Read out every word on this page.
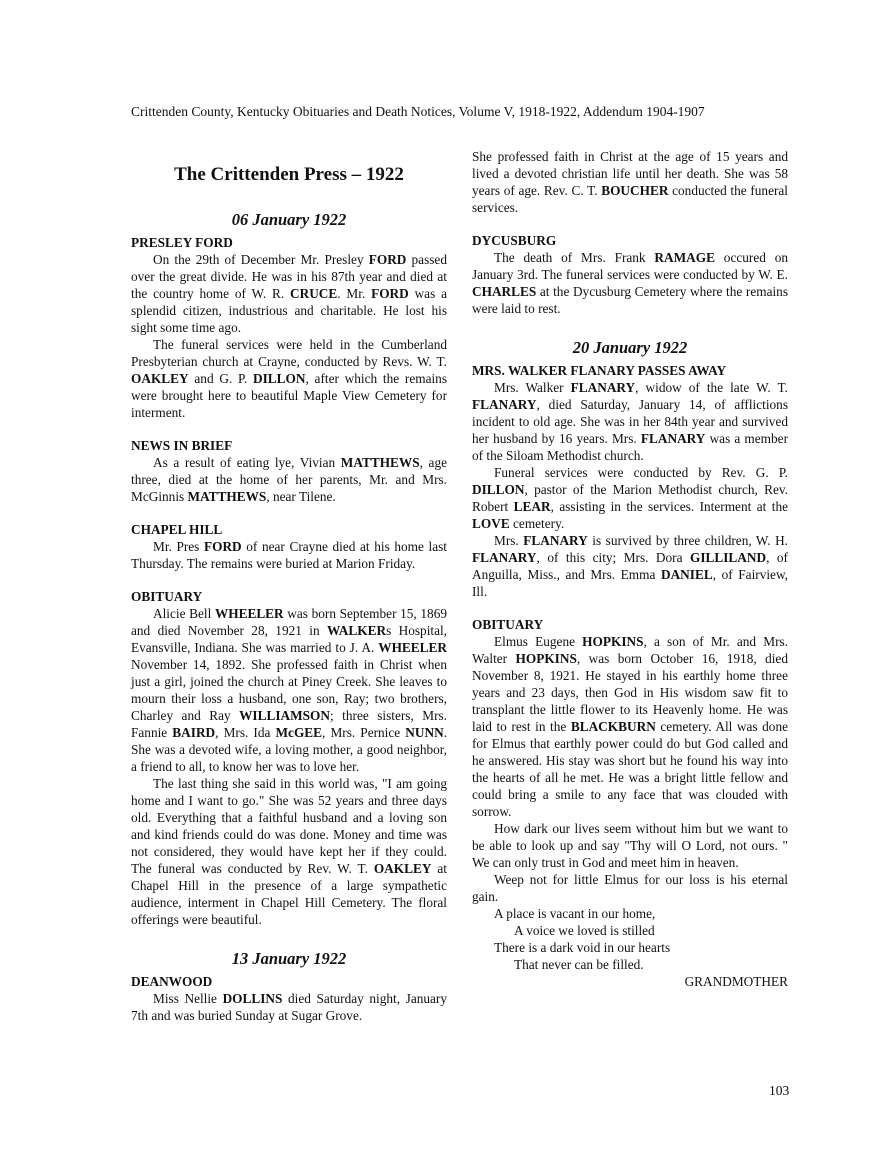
Crittenden County, Kentucky Obituaries and Death Notices, Volume V, 1918-1922, Addendum 1904-1907
The Crittenden Press – 1922
06 January 1922
PRESLEY FORD

On the 29th of December Mr. Presley FORD passed over the great divide. He was in his 87th year and died at the country home of W. R. CRUCE. Mr. FORD was a splendid citizen, industrious and charitable. He lost his sight some time ago.

The funeral services were held in the Cumberland Presbyterian church at Crayne, conducted by Revs. W. T. OAKLEY and G. P. DILLON, after which the remains were brought here to beautiful Maple View Cemetery for interment.

NEWS IN BRIEF

As a result of eating lye, Vivian MATTHEWS, age three, died at the home of her parents, Mr. and Mrs. McGinnis MATTHEWS, near Tilene.

CHAPEL HILL

Mr. Pres FORD of near Crayne died at his home last Thursday. The remains were buried at Marion Friday.

OBITUARY

Alicie Bell WHEELER was born September 15, 1869 and died November 28, 1921 in WALKERs Hospital, Evansville, Indiana. She was married to J. A. WHEELER November 14, 1892. She professed faith in Christ when just a girl, joined the church at Piney Creek. She leaves to mourn their loss a husband, one son, Ray; two brothers, Charley and Ray WILLIAMSON; three sisters, Mrs. Fannie BAIRD, Mrs. Ida McGEE, Mrs. Pernice NUNN. She was a devoted wife, a loving mother, a good neighbor, a friend to all, to know her was to love her.

The last thing she said in this world was, "I am going home and I want to go." She was 52 years and three days old. Everything that a faithful husband and a loving son and kind friends could do was done. Money and time was not considered, they would have kept her if they could. The funeral was conducted by Rev. W. T. OAKLEY at Chapel Hill in the presence of a large sympathetic audience, interment in Chapel Hill Cemetery. The floral offerings were beautiful.

13 January 1922
DEANWOOD

Miss Nellie DOLLINS died Saturday night, January 7th and was buried Sunday at Sugar Grove.

She professed faith in Christ at the age of 15 years and lived a devoted christian life until her death. She was 58 years of age. Rev. C. T. BOUCHER conducted the funeral services.

DYCUSBURG

The death of Mrs. Frank RAMAGE occured on January 3rd. The funeral services were conducted by W. E. CHARLES at the Dycusburg Cemetery where the remains were laid to rest.

20 January 1922
MRS. WALKER FLANARY PASSES AWAY

Mrs. Walker FLANARY, widow of the late W. T. FLANARY, died Saturday, January 14, of afflictions incident to old age. She was in her 84th year and survived her husband by 16 years. Mrs. FLANARY was a member of the Siloam Methodist church.

Funeral services were conducted by Rev. G. P. DILLON, pastor of the Marion Methodist church, Rev. Robert LEAR, assisting in the services. Interment at the LOVE cemetery.

Mrs. FLANARY is survived by three children, W. H. FLANARY, of this city; Mrs. Dora GILLILAND, of Anguilla, Miss., and Mrs. Emma DANIEL, of Fairview, Ill.

OBITUARY

Elmus Eugene HOPKINS, a son of Mr. and Mrs. Walter HOPKINS, was born October 16, 1918, died November 8, 1921. He stayed in his earthly home three years and 23 days, then God in His wisdom saw fit to transplant the little flower to its Heavenly home. He was laid to rest in the BLACKBURN cemetery. All was done for Elmus that earthly power could do but God called and he answered. His stay was short but he found his way into the hearts of all he met. He was a bright little fellow and could bring a smile to any face that was clouded with sorrow.

How dark our lives seem without him but we want to be able to look up and say "Thy will O Lord, not ours. " We can only trust in God and meet him in heaven.

Weep not for little Elmus for our loss is his eternal gain.

A place is vacant in our home,
A voice we loved is stilled
There is a dark void in our hearts
That never can be filled.
GRANDMOTHER
103
